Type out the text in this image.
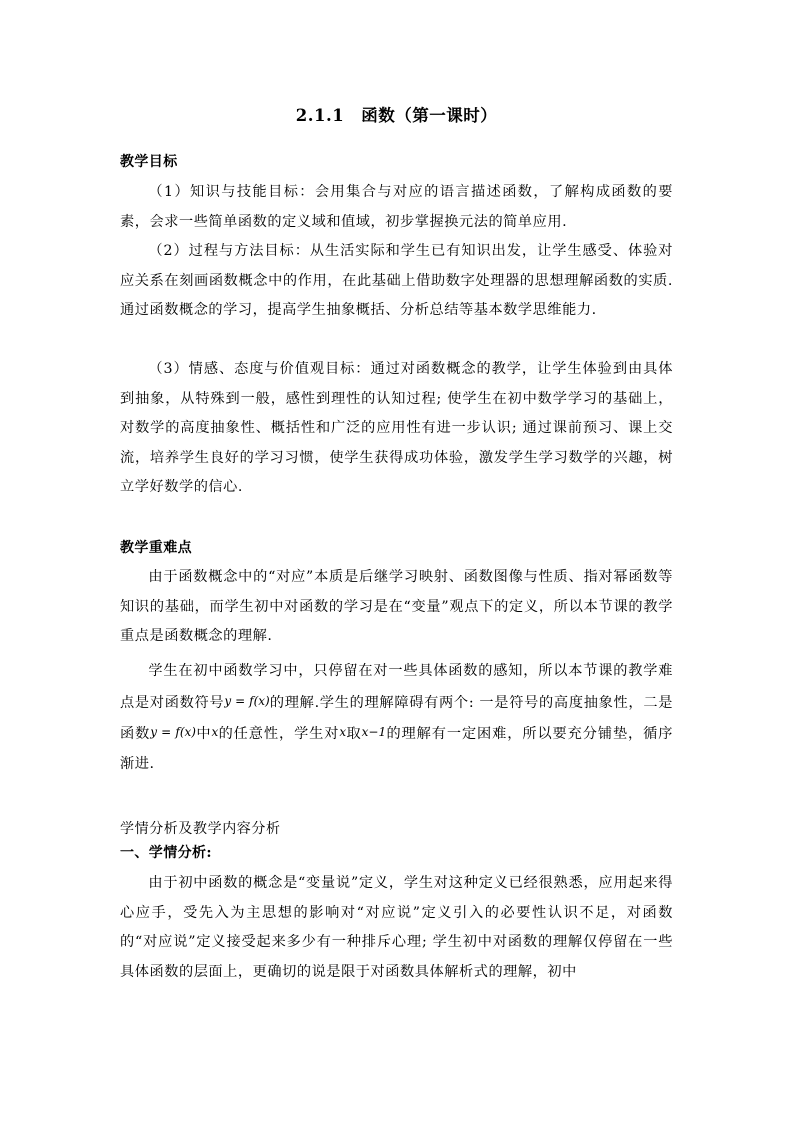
2.1.1　函数（第一课时）
教学目标
（1）知识与技能目标：会用集合与对应的语言描述函数，了解构成函数的要素，会求一些简单函数的定义域和值域，初步掌握换元法的简单应用.
（2）过程与方法目标：从生活实际和学生已有知识出发，让学生感受、体验对应关系在刻画函数概念中的作用，在此基础上借助数字处理器的思想理解函数的实质.通过函数概念的学习，提高学生抽象概括、分析总结等基本数学思维能力.
（3）情感、态度与价值观目标：通过对函数概念的教学，让学生体验到由具体到抽象，从特殊到一般，感性到理性的认知过程; 使学生在初中数学学习的基础上，对数学的高度抽象性、概括性和广泛的应用性有进一步认识; 通过课前预习、课上交流，培养学生良好的学习习惯，使学生获得成功体验，激发学生学习数学的兴趣，树立学好数学的信心.
教学重难点
由于函数概念中的“对应”本质是后继学习映射、函数图像与性质、指对幂函数等知识的基础，而学生初中对函数的学习是在“变量”观点下的定义，所以本节课的教学重点是函数概念的理解.
学生在初中函数学习中，只停留在对一些具体函数的感知，所以本节课的教学难点是对函数符号y = f(x)的理解.学生的理解障碍有两个: 一是符号的高度抽象性，二是函数y = f(x)中x的任意性，学生对x取x−1的理解有一定困难，所以要充分铺垫，循序渐进.
学情分析及教学内容分析
一、学情分析:
由于初中函数的概念是“变量说”定义，学生对这种定义已经很熟悉，应用起来得心应手，受先入为主思想的影响对“对应说”定义引入的必要性认识不足，对函数的“对应说”定义接受起来多少有一种排斥心理; 学生初中对函数的理解仅停留在一些具体函数的层面上，更确切的说是限于对函数具体解析式的理解，初中
